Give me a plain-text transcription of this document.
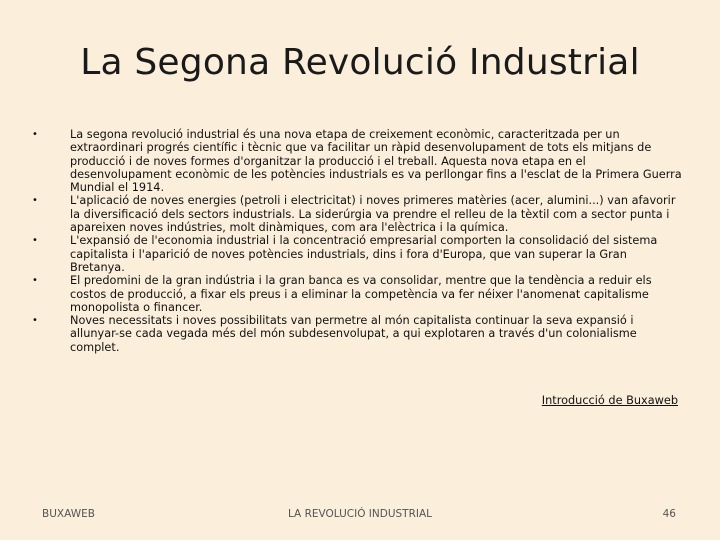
La Segona Revolució Industrial
•	La segona revolució industrial és una nova etapa de creixement econòmic, caracteritzada per un extraordinari progrés científic i tècnic que va facilitar un ràpid desenvolupament de tots els mitjans de producció i de noves formes d'organitzar la producció i el treball. Aquesta nova etapa en el desenvolupament econòmic de les potències industrials es va perllongar fins a l'esclat de la Primera Guerra Mundial el 1914.
•	L'aplicació de noves energies (petroli i electricitat) i noves primeres matèries (acer, alumini...) van afavorir la diversificació dels sectors industrials. La siderúrgia va prendre el relleu de la tèxtil com a sector punta i apareixen noves indústries, molt dinàmiques, com ara l'elèctrica i la química.
•	L'expansió de l'economia industrial i la concentració empresarial comporten la consolidació del sistema capitalista i l'aparició de noves potències industrials, dins i fora d'Europa, que van superar la Gran Bretanya.
•	El predomini de la gran indústria i la gran banca es va consolidar, mentre que la tendència a reduir els costos de producció, a fixar els preus i a eliminar la competència va fer néixer l'anomenat capitalisme monopolista o financer.
•	Noves necessitats i noves possibilitats van permetre al món capitalista continuar la seva expansió i allunyar-se cada vegada més del món subdesenvolupat, a qui explotaren a través d'un colonialisme complet.
Introducció de Buxaweb
BUXAWEB	LA REVOLUCIÓ INDUSTRIAL	46
